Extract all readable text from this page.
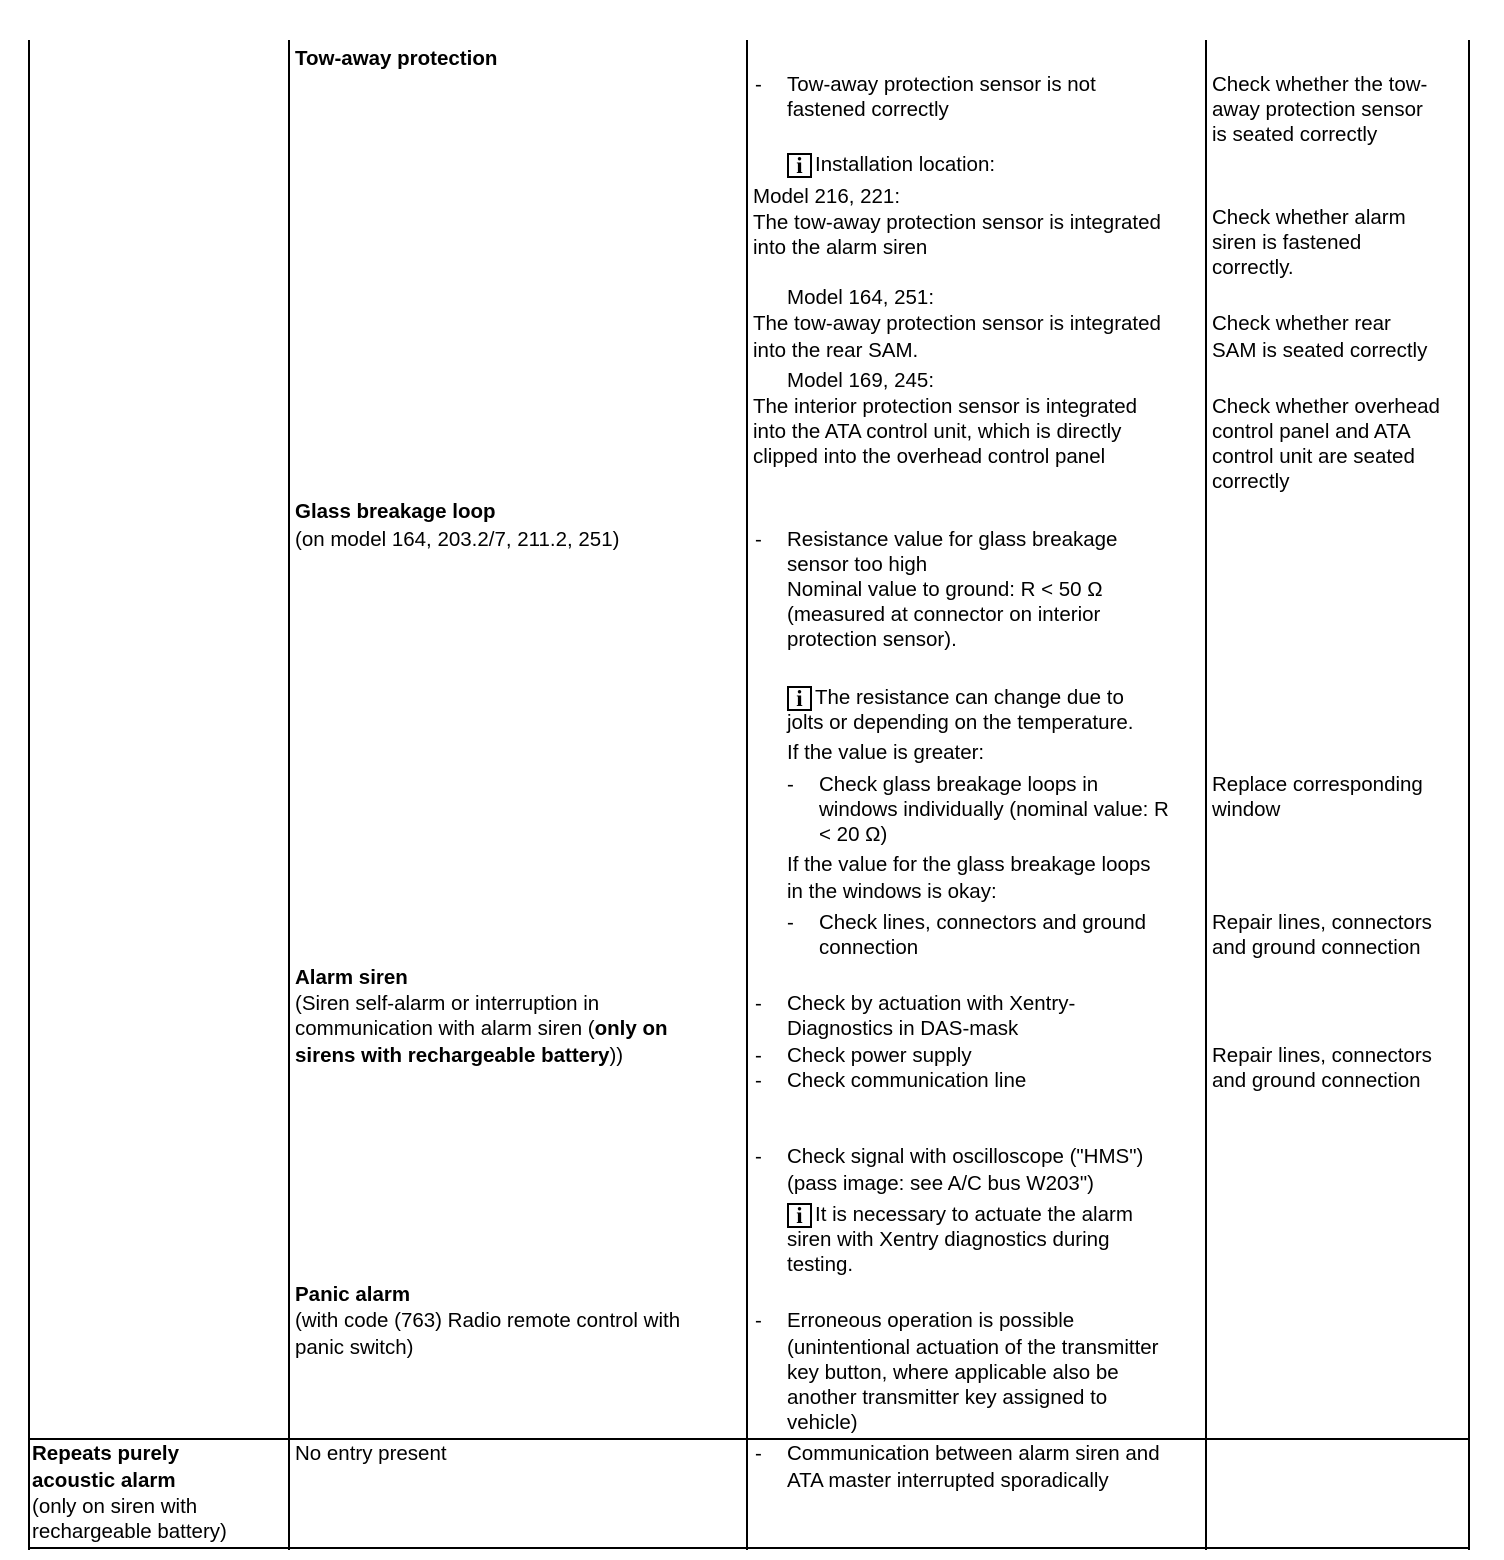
Tow-away protection
- Tow-away protection sensor is not
fastened correctly
i Installation location:
Model 216, 221:
The tow-away protection sensor is integrated
into the alarm siren
Model 164, 251:
The tow-away protection sensor is integrated
into the rear SAM.
Model 169, 245:
The interior protection sensor is integrated
into the ATA control unit, which is directly
clipped into the overhead control panel
Check whether the tow-
away protection sensor
is seated correctly
Check whether alarm
siren is fastened
correctly.
Check whether rear
SAM is seated correctly
Check whether overhead
control panel and ATA
control unit are seated
correctly
Glass breakage loop
(on model 164, 203.2/7, 211.2, 251)	- Resistance value for glass breakage
sensor too high
Nominal value to ground: R < 50 Ω
(measured at connector on interior
protection sensor).
i The resistance can change due to
jolts or depending on the temperature.
If the value is greater:
- Check glass breakage loops in
windows individually (nominal value: R
< 20 Ω)
If the value for the glass breakage loops
in the windows is okay:
- Check lines, connectors and ground
connection
Replace corresponding
window
Repair lines, connectors
and ground connection
Alarm siren
(Siren self-alarm or interruption in
communication with alarm siren (only on
sirens with rechargeable battery))
- Check by actuation with Xentry-
Diagnostics in DAS-mask
- Check power supply
- Check communication line
- Check signal with oscilloscope ("HMS")
(pass image: see A/C bus W203")
i It is necessary to actuate the alarm
siren with Xentry diagnostics during
testing.
Repair lines, connectors
and ground connection
Panic alarm
(with code (763) Radio remote control with
panic switch)
- Erroneous operation is possible
(unintentional actuation of the transmitter
key button, where applicable also be
another transmitter key assigned to
vehicle)
Repeats purely
acoustic alarm
(only on siren with
rechargeable battery)
No entry present	- Communication between alarm siren and
ATA master interrupted sporadically
